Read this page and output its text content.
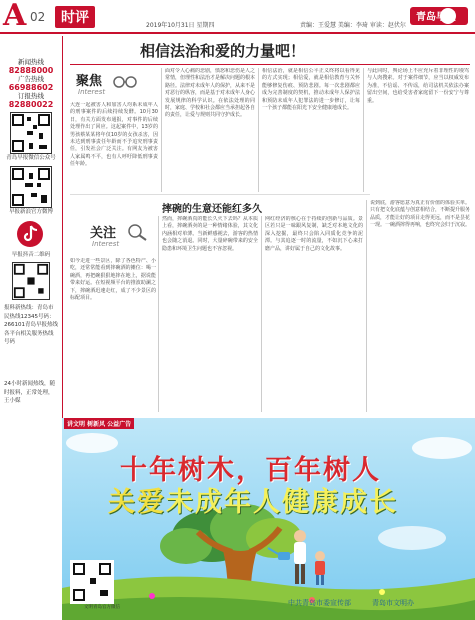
A 02	时评	2019年10月31日 星期四	责编：王爱慧 美编：李琦 审读：赵伏尔
青岛早报
新闻热线
82888000
广告热线
66988602
订报热线
82880022
青岛早报微信公众号
早报新浪官方微博
早报抖音二维码
报料新热线：青岛市民热线12345号码：266101青岛早报热线各平台相关服务热线号码
24小时新闻热线，随时报料，正常处理，王小媒
相信法治和爱的力量吧！
聚焦
Interest
大连一起被害人和加害人均系未成年人的刑事案件的后续持续发酵。10月30日，有关方面发布通报，对事件的后续处理作出了回应。这起案件中，13岁的男孩蔡某某将年仅10岁的女孩杀害，因未达到刑事责任年龄而不予追究刑事责任，引发社会广泛关注。有网友为被害人家属鸣不平，也有人呼吁降低刑事责任年龄。
面对令人心痛的悲剧，愤怒和悲伤是人之常情，但理性和法治才是解决问题的根本路径。法律对未成年人的保护，从来不是对恶行的纵容，而是基于对未成年人身心发展规律的科学认识。在依法处理的同时，家庭、学校和社会都应当承担起各自的责任，让爱与规则共同守护成长。
相信法治，就是相信公平正义终将以看得见的方式实现；相信爱，就是相信教育与关怀能够修复伤痕、预防悲剧。每一次悲剧都应成为完善制度的契机，推动未成年人保护法和预防未成年人犯罪法的进一步修订，让每一个孩子都能在阳光下安全健康地成长。
与此同时，舆论场上不应充斥着非理性的谩骂与人肉搜索。对于案件细节，应当以权威发布为准，不信谣、不传谣，给司法机关依法办案留出空间，也给受害者家庭留下一份安宁与尊重。
关注
Interest
摔碗的生意还能红多久
如今走进一些景区，除了各色特产、小吃，还常常能看到摔碗酒的摊位：喝一碗酒，再把碗狠狠地摔在地上，据说能带来好运。在短视频平台的推波助澜之下，摔碗酒迅速走红，成了不少景区的标配项目。
然而，摔碗酒真的能长久火下去吗？从本质上看，摔碗酒卖的是一种情绪体验，其文化内涵相对单薄。当新鲜感褪去，游客的热情也会随之消退。同时，大量碎碗带来的安全隐患和环境卫生问题也不容忽视。
网红经济的核心在于持续的创新与品质。景区若只是一味跟风复制，缺乏对本地文化的深入挖掘，最终只会陷入同质化竞争的泥潭。与其追逐一时的流量，不如沉下心来打磨产品，讲好属于自己的文化故事。
说到底，游客愿意为真正有价值的体验买单。只有把文化底蕴与创意相结合，不断提升服务品质，才能让好的项目走得更远，而不是昙花一现。一碗酒摔得再响，也终究会归于沉寂。
讲文明 树新风 公益广告
十年树木，百年树人
关爱未成年人健康成长
文明青岛官方微信
中共青岛市委宣传部	青岛市文明办
